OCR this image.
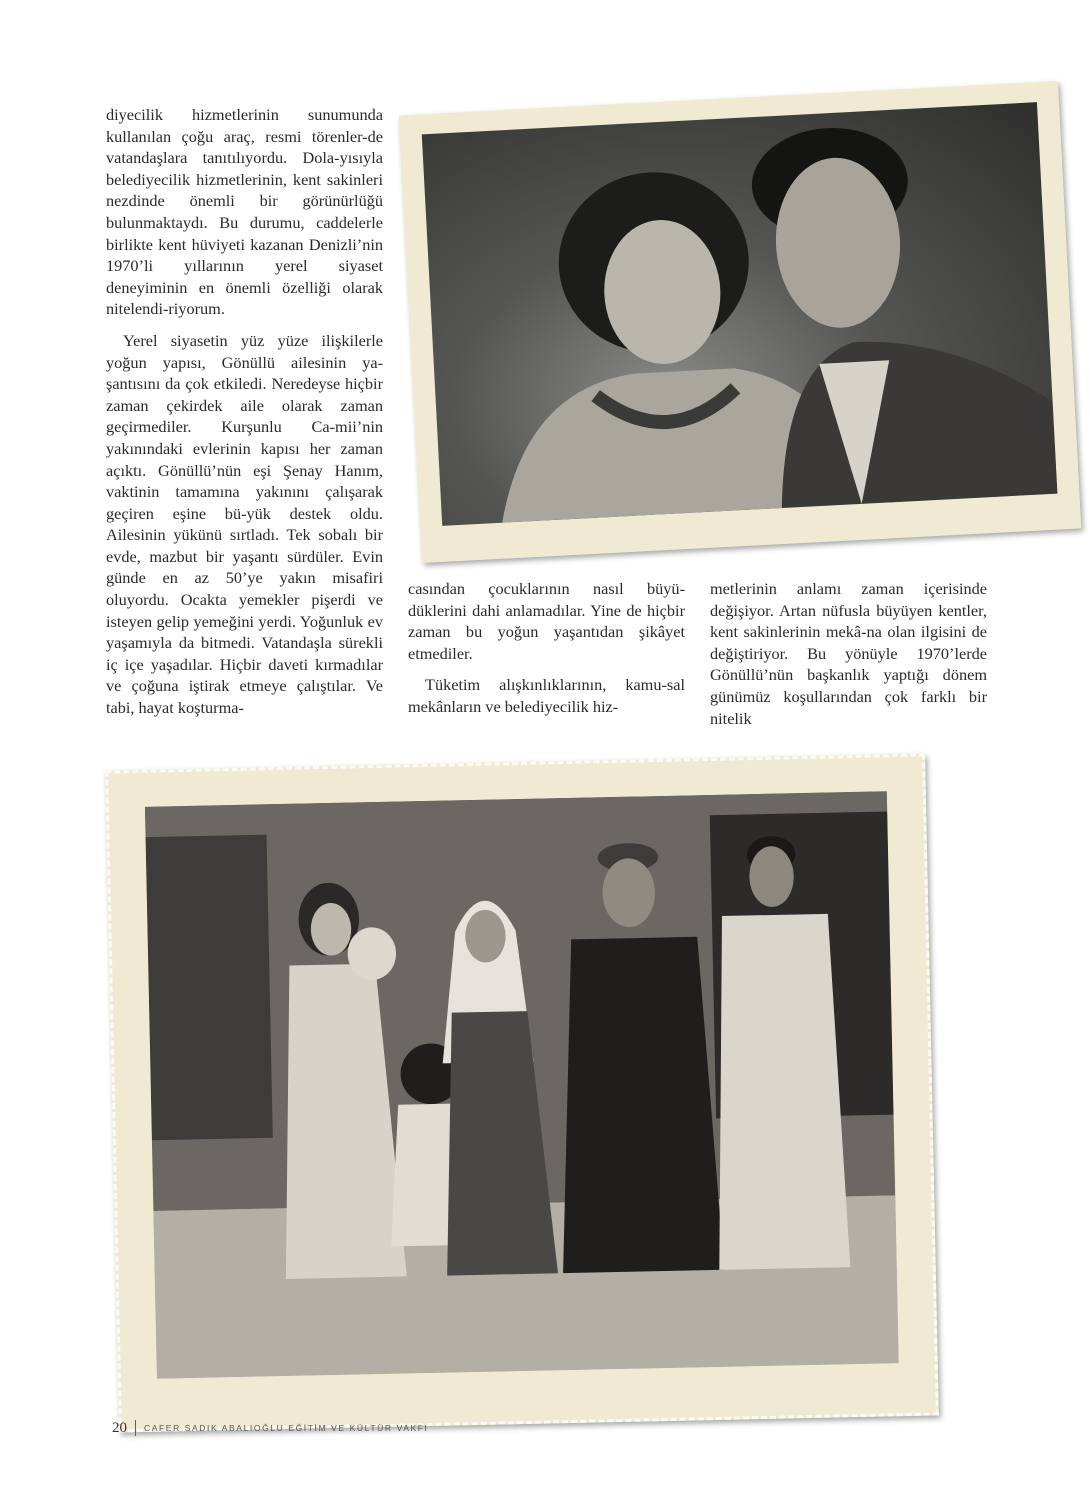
diyecilik hizmetlerinin sunumunda kullanılan çoğu araç, resmi törenler-de vatandaşlara tanıtılıyordu. Dola-yısıyla belediyecilik hizmetlerinin, kent sakinleri nezdinde önemli bir görünürlüğü bulunmaktaydı. Bu durumu, caddelerle birlikte kent hüviyeti kazanan Denizli’nin 1970’li yıllarının yerel siyaset deneyiminin en önemli özelliği olarak nitelendi-riyorum.

Yerel siyasetin yüz yüze ilişkilerle yoğun yapısı, Gönüllü ailesinin ya-şantısını da çok etkiledi. Neredeyse hiçbir zaman çekirdek aile olarak zaman geçirmediler. Kurşunlu Ca-mii’nin yakınındaki evlerinin kapısı her zaman açıktı. Gönüllü’nün eşi Şenay Hanım, vaktinin tamamına yakınını çalışarak geçiren eşine bü-yük destek oldu. Ailesinin yükünü sırtladı. Tek sobalı bir evde, mazbut bir yaşantı sürdüler. Evin günde en az 50’ye yakın misafiri oluyordu. Ocakta yemekler pişerdi ve isteyen gelip yemeğini yerdi. Yoğunluk ev yaşamıyla da bitmedi. Vatandaşla sürekli iç içe yaşadılar. Hiçbir daveti kırmadılar ve çoğuna iştirak etmeye çalıştılar. Ve tabi, hayat koşturma-

casından çocuklarının nasıl büyü-düklerini dahi anlamadılar. Yine de hiçbir zaman bu yoğun yaşantıdan şikâyet etmediler.

Tüketim alışkınlıklarının, kamu-sal mekânların ve belediyecilik hiz-

metlerinin anlamı zaman içerisinde değişiyor. Artan nüfusla büyüyen kentler, kent sakinlerinin mekâ-na olan ilgisini de değiştiriyor. Bu yönüyle 1970’lerde Gönüllü’nün başkanlık yaptığı dönem günümüz koşullarından çok farklı bir nitelik

20 CAFER SADIK ABALIOĞLU EĞİTİM VE KÜLTÜR VAKFI
